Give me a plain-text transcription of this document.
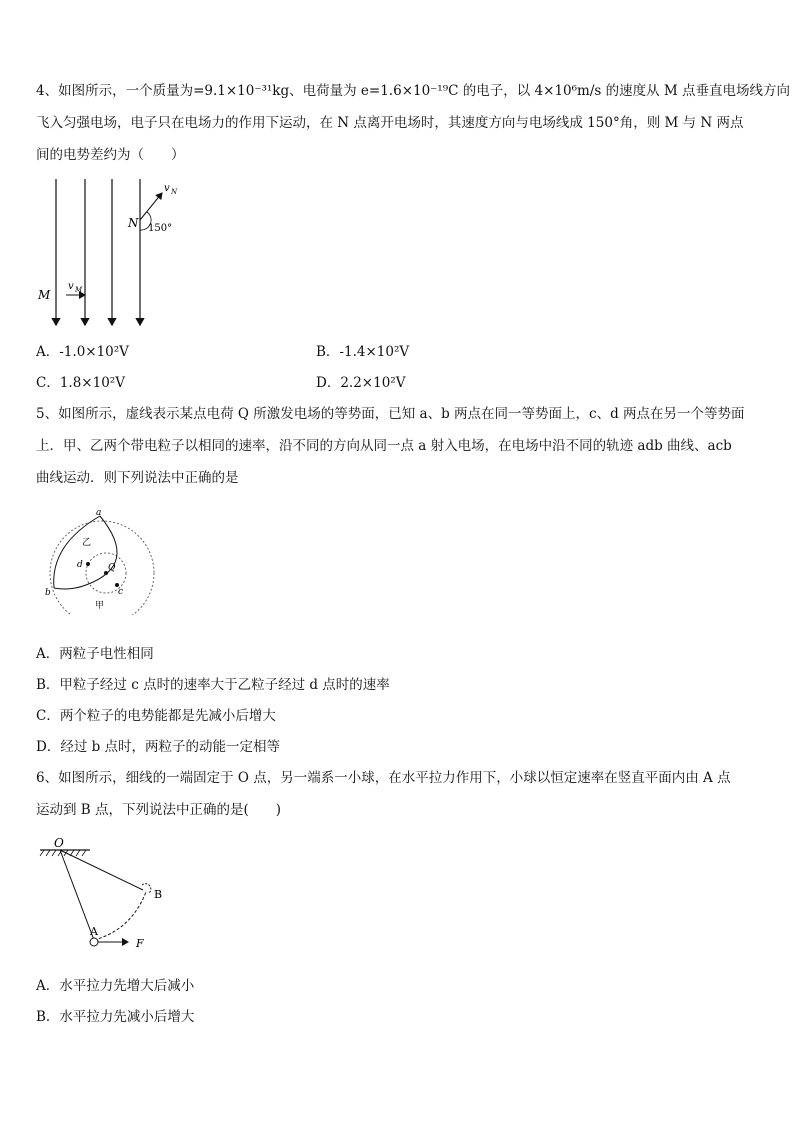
4、如图所示，一个质量为=9.1×10⁻³¹kg、电荷量为 e=1.6×10⁻¹⁹C 的电子，以 4×10⁶m/s 的速度从 M 点垂直电场线方向
飞入匀强电场，电子只在电场力的作用下运动，在 N 点离开电场时，其速度方向与电场线成 150°角，则 M 与 N 两点
间的电势差约为（　　）
M
v M
N 150°
v N
A．-1.0×10²V	B．-1.4×10²V
C．1.8×10²V	D．2.2×10²V
5、如图所示，虚线表示某点电荷 Q 所激发电场的等势面，已知 a、b 两点在同一等势面上，c、d 两点在另一个等势面
上．甲、乙两个带电粒子以相同的速率，沿不同的方向从同一点 a 射入电场，在电场中沿不同的轨迹 adb 曲线、acb
曲线运动．则下列说法中正确的是
a
b	c
d	Q
乙
甲
A．两粒子电性相同
B．甲粒子经过 c 点时的速率大于乙粒子经过 d 点时的速率
C．两个粒子的电势能都是先减小后增大
D．经过 b 点时，两粒子的动能一定相等
6、如图所示，细线的一端固定于 O 点，另一端系一小球，在水平拉力作用下，小球以恒定速率在竖直平面内由 A 点
运动到 B 点，下列说法中正确的是(　　)
O
A
B
F
A．水平拉力先增大后减小
B．水平拉力先减小后增大
